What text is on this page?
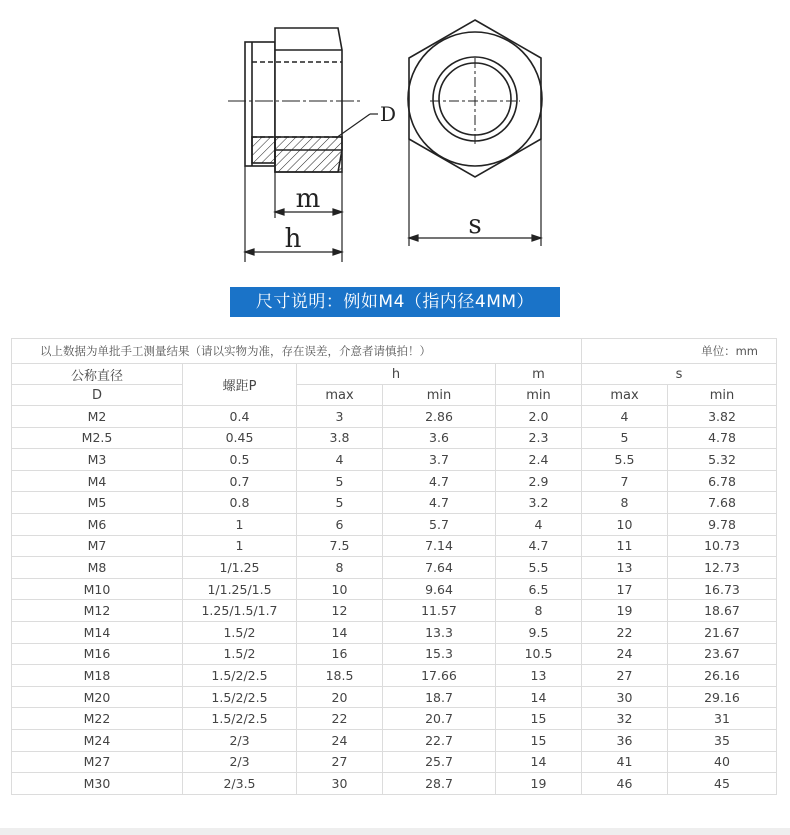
D
m
h	s
尺寸说明：例如M4（指内径4MM）
以上数据为单批手工测量结果（请以实物为准，存在误差，介意者请慎拍！）					单位：mm	
公称直径	螺距P	h		m	s	
D		max	min	min	max	min
M2	0.4	3	2.86	2.0	4	3.82
M2.5	0.45	3.8	3.6	2.3	5	4.78
M3	0.5	4	3.7	2.4	5.5	5.32
M4	0.7	5	4.7	2.9	7	6.78
M5	0.8	5	4.7	3.2	8	7.68
M6	1	6	5.7	4	10	9.78
M7	1	7.5	7.14	4.7	11	10.73
M8	1/1.25	8	7.64	5.5	13	12.73
M10	1/1.25/1.5	10	9.64	6.5	17	16.73
M12	1.25/1.5/1.7	12	11.57	8	19	18.67
M14	1.5/2	14	13.3	9.5	22	21.67
M16	1.5/2	16	15.3	10.5	24	23.67
M18	1.5/2/2.5	18.5	17.66	13	27	26.16
M20	1.5/2/2.5	20	18.7	14	30	29.16
M22	1.5/2/2.5	22	20.7	15	32	31
M24	2/3	24	22.7	15	36	35
M27	2/3	27	25.7	14	41	40
M30	2/3.5	30	28.7	19	46	45
